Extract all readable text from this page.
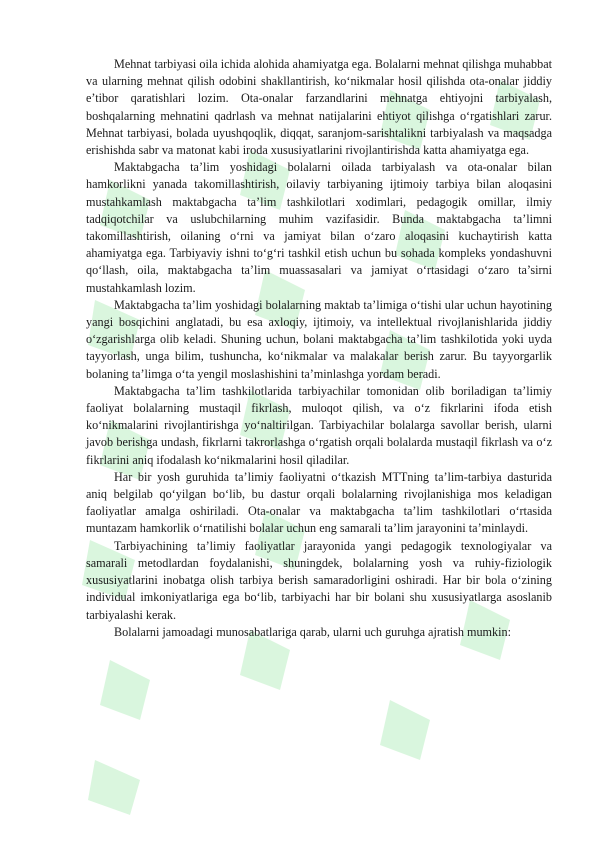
Mehnat tarbiyasi oila ichida alohida ahamiyatga ega. Bolalarni mehnat qilishga muhabbat va ularning mehnat qilish odobini shakllantirish, ko‘nikmalar hosil qilishda ota-onalar jiddiy e’tibor qaratishlari lozim. Ota-onalar farzandlarini mehnatga ehtiyojni tarbiyalash, boshqalarning mehnatini qadrlash va mehnat natijalarini ehtiyot qilishga o‘rgatishlari zarur. Mehnat tarbiyasi, bolada uyushqoqlik, diqqat, saranjom-sarishtalikni tarbiyalash va maqsadga erishishda sabr va matonat kabi iroda xususiyatlarini rivojlantirishda katta ahamiyatga ega.

Maktabgacha ta’lim yoshidagi bolalarni oilada tarbiyalash va ota-onalar bilan hamkorlikni yanada takomillashtirish, oilaviy tarbiyaning ijtimoiy tarbiya bilan aloqasini mustahkamlash maktabgacha ta’lim tashkilotlari xodimlari, pedagogik omillar, ilmiy tadqiqotchilar va uslubchilarning muhim vazifasidir. Bunda maktabgacha ta’limni takomillashtirish, oilaning o‘rni va jamiyat bilan o‘zaro aloqasini kuchaytirish katta ahamiyatga ega. Tarbiyaviy ishni to‘g‘ri tashkil etish uchun bu sohada kompleks yondashuvni qo‘llash, oila, maktabgacha ta’lim muassasalari va jamiyat o‘rtasidagi o‘zaro ta’sirni mustahkamlash lozim.

Maktabgacha ta’lim yoshidagi bolalarning maktab ta’limiga o‘tishi ular uchun hayotining yangi bosqichini anglatadi, bu esa axloqiy, ijtimoiy, va intellektual rivojlanishlarida jiddiy o‘zgarishlarga olib keladi. Shuning uchun, bolani maktabgacha ta’lim tashkilotida yoki uyda tayyorlash, unga bilim, tushuncha, ko‘nikmalar va malakalar berish zarur. Bu tayyorgarlik bolaning ta’limga o‘ta yengil moslashishini ta’minlashga yordam beradi.

Maktabgacha ta’lim tashkilotlarida tarbiyachilar tomonidan olib boriladigan ta’limiy faoliyat bolalarning mustaqil fikrlash, muloqot qilish, va o‘z fikrlarini ifoda etish ko‘nikmalarini rivojlantirishga yo‘naltirilgan. Tarbiyachilar bolalarga savollar berish, ularni javob berishga undash, fikrlarni takrorlashga o‘rgatish orqali bolalarda mustaqil fikrlash va o‘z fikrlarini aniq ifodalash ko‘nikmalarini hosil qiladilar.

Har bir yosh guruhida ta’limiy faoliyatni o‘tkazish MTTning ta’lim-tarbiya dasturida aniq belgilab qo‘yilgan bo‘lib, bu dastur orqali bolalarning rivojlanishiga mos keladigan faoliyatlar amalga oshiriladi. Ota-onalar va maktabgacha ta’lim tashkilotlari o‘rtasida muntazam hamkorlik o‘rnatilishi bolalar uchun eng samarali ta’lim jarayonini ta’minlaydi.

Tarbiyachining ta’limiy faoliyatlar jarayonida yangi pedagogik texnologiyalar va samarali metodlardan foydalanishi, shuningdek, bolalarning yosh va ruhiy-fiziologik xususiyatlarini inobatga olish tarbiya berish samaradorligini oshiradi. Har bir bola o‘zining individual imkoniyatlariga ega bo‘lib, tarbiyachi har bir bolani shu xususiyatlarga asoslanib tarbiyalashi kerak.

Bolalarni jamoadagi munosabatlariga qarab, ularni uch guruhga ajratish mumkin:
